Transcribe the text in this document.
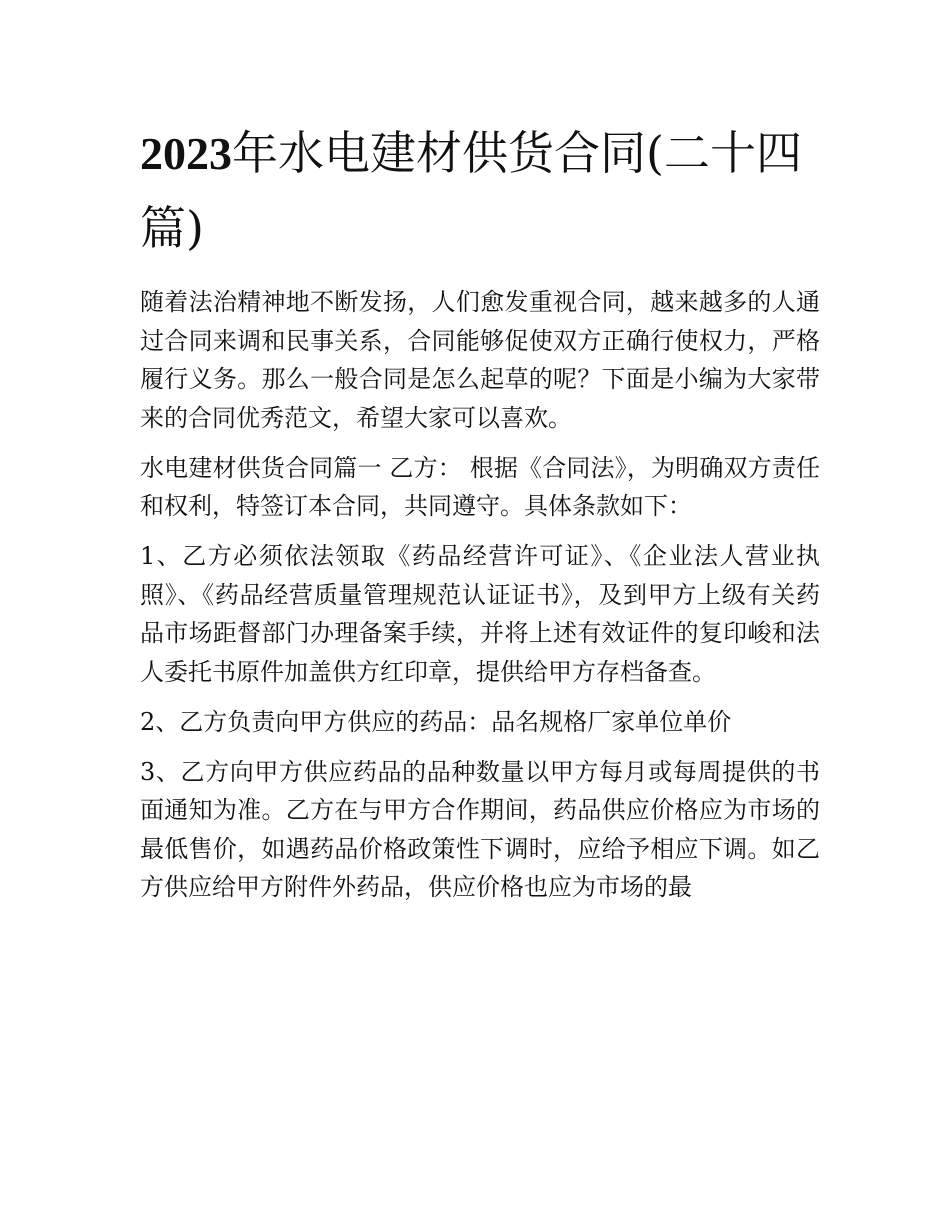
2023年水电建材供货合同(二十四篇)

随着法治精神地不断发扬，人们愈发重视合同，越来越多的人通过合同来调和民事关系，合同能够促使双方正确行使权力，严格履行义务。那么一般合同是怎么起草的呢？下面是小编为大家带来的合同优秀范文，希望大家可以喜欢。

水电建材供货合同篇一 乙方： 根据《合同法》，为明确双方责任和权利，特签订本合同，共同遵守。具体条款如下：

1、乙方必须依法领取《药品经营许可证》、《企业法人营业执照》、《药品经营质量管理规范认证证书》，及到甲方上级有关药品市场距督部门办理备案手续，并将上述有效证件的复印峻和法人委托书原件加盖供方红印章，提供给甲方存档备查。

2、乙方负责向甲方供应的药品：品名规格厂家单位单价

3、乙方向甲方供应药品的品种数量以甲方每月或每周提供的书面通知为准。乙方在与甲方合作期间，药品供应价格应为市场的最低售价，如遇药品价格政策性下调时，应给予相应下调。如乙方供应给甲方附件外药品，供应价格也应为市场的最
